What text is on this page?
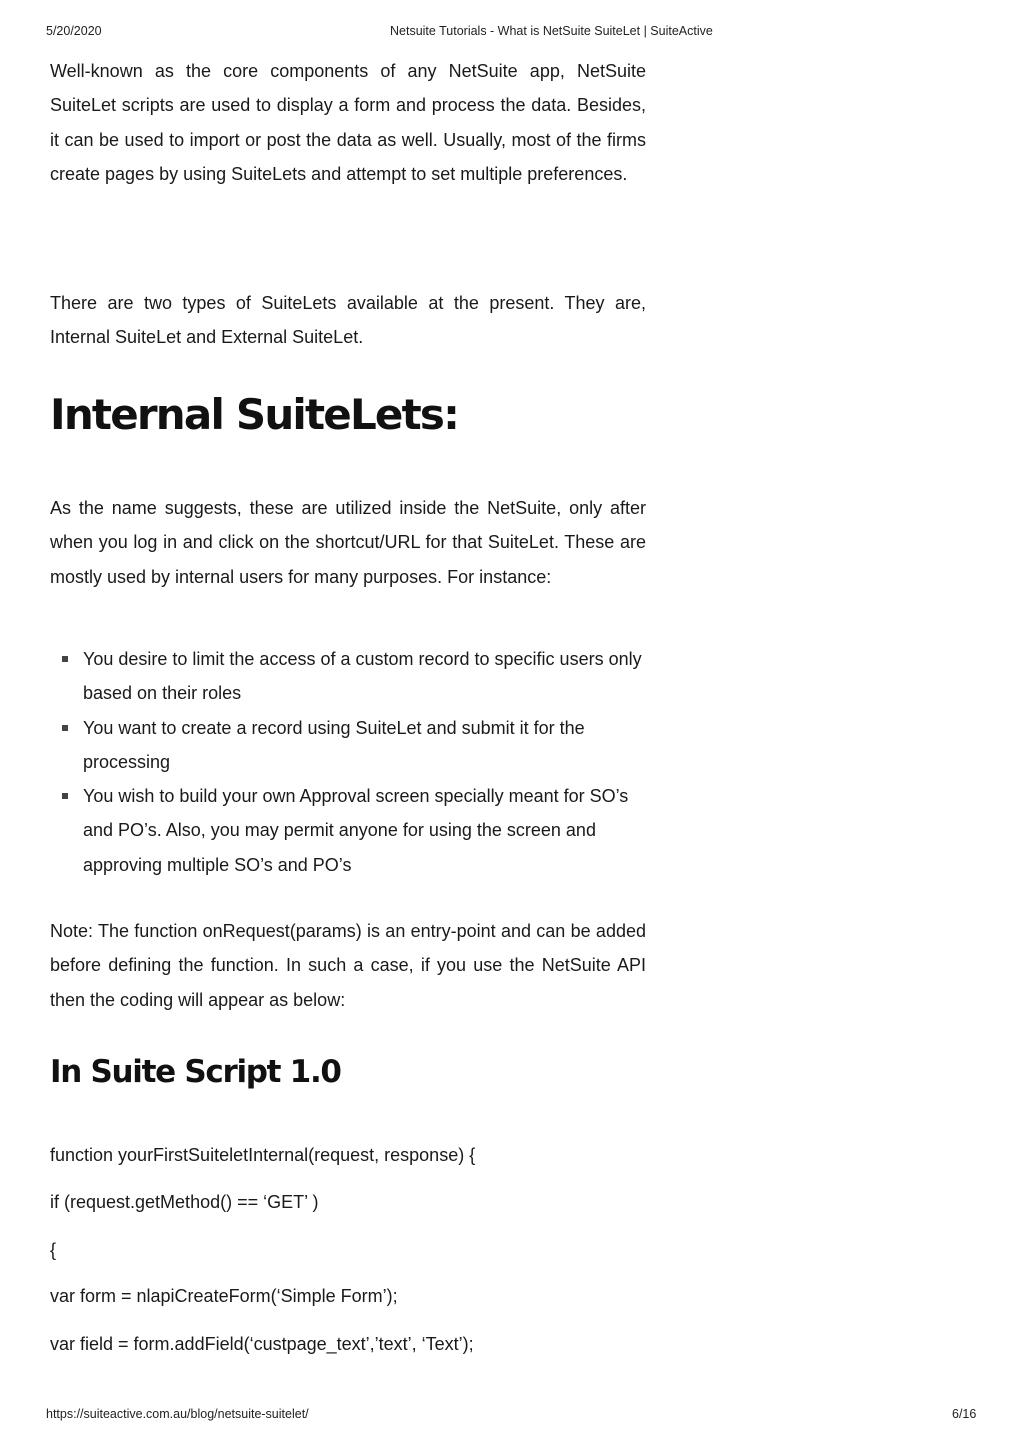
5/20/2020	Netsuite Tutorials - What is NetSuite SuiteLet | SuiteActive

Well-known as the core components of any NetSuite app, NetSuite SuiteLet scripts are used to display a form and process the data. Besides, it can be used to import or post the data as well. Usually, most of the firms create pages by using SuiteLets and attempt to set multiple preferences.

There are two types of SuiteLets available at the present. They are, Internal SuiteLet and External SuiteLet.

Internal SuiteLets:

As the name suggests, these are utilized inside the NetSuite, only after when you log in and click on the shortcut/URL for that SuiteLet. These are mostly used by internal users for many purposes. For instance:

You desire to limit the access of a custom record to specific users only based on their roles
You want to create a record using SuiteLet and submit it for the processing
You wish to build your own Approval screen specially meant for SO’s and PO’s. Also, you may permit anyone for using the screen and approving multiple SO’s and PO’s

Note: The function onRequest(params) is an entry-point and can be added before defining the function. In such a case, if you use the NetSuite API then the coding will appear as below:

In Suite Script 1.0

function yourFirstSuiteletInternal(request, response) {

if (request.getMethod() == ‘GET’ )

{

var form = nlapiCreateForm(‘Simple Form’);

var field = form.addField(‘custpage_text’,’text’, ‘Text’);

https://suiteactive.com.au/blog/netsuite-suitelet/	6/16
